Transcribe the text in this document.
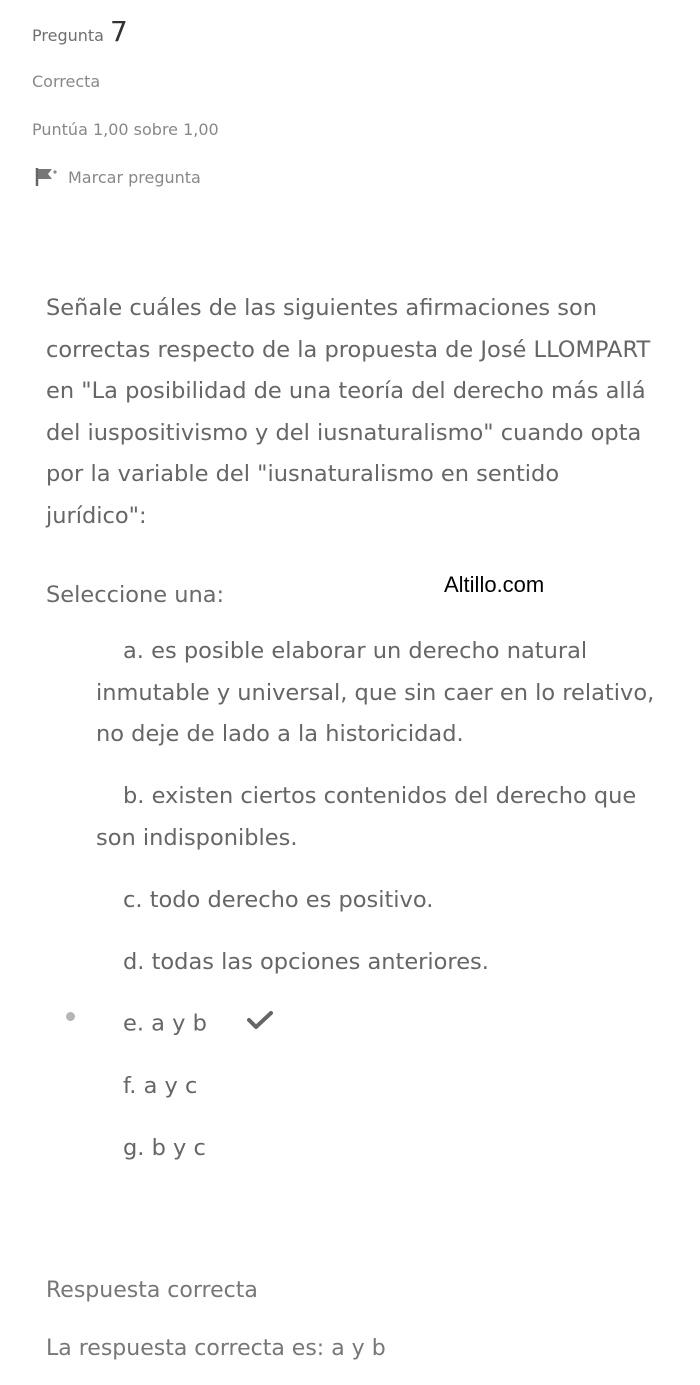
Pregunta 7
Correcta
Puntúa 1,00 sobre 1,00
Marcar pregunta
Señale cuáles de las siguientes afirmaciones son correctas respecto de la propuesta de José LLOMPART en "La posibilidad de una teoría del derecho más allá del iuspositivismo y del iusnaturalismo" cuando opta por la variable del "iusnaturalismo en sentido jurídico":
Seleccione una:	Altillo.com
a. es posible elaborar un derecho natural inmutable y universal, que sin caer en lo relativo, no deje de lado a la historicidad.
b. existen ciertos contenidos del derecho que son indisponibles.
c. todo derecho es positivo.
d. todas las opciones anteriores.
e. a y b
f. a y c
g. b y c
Respuesta correcta
La respuesta correcta es: a y b
